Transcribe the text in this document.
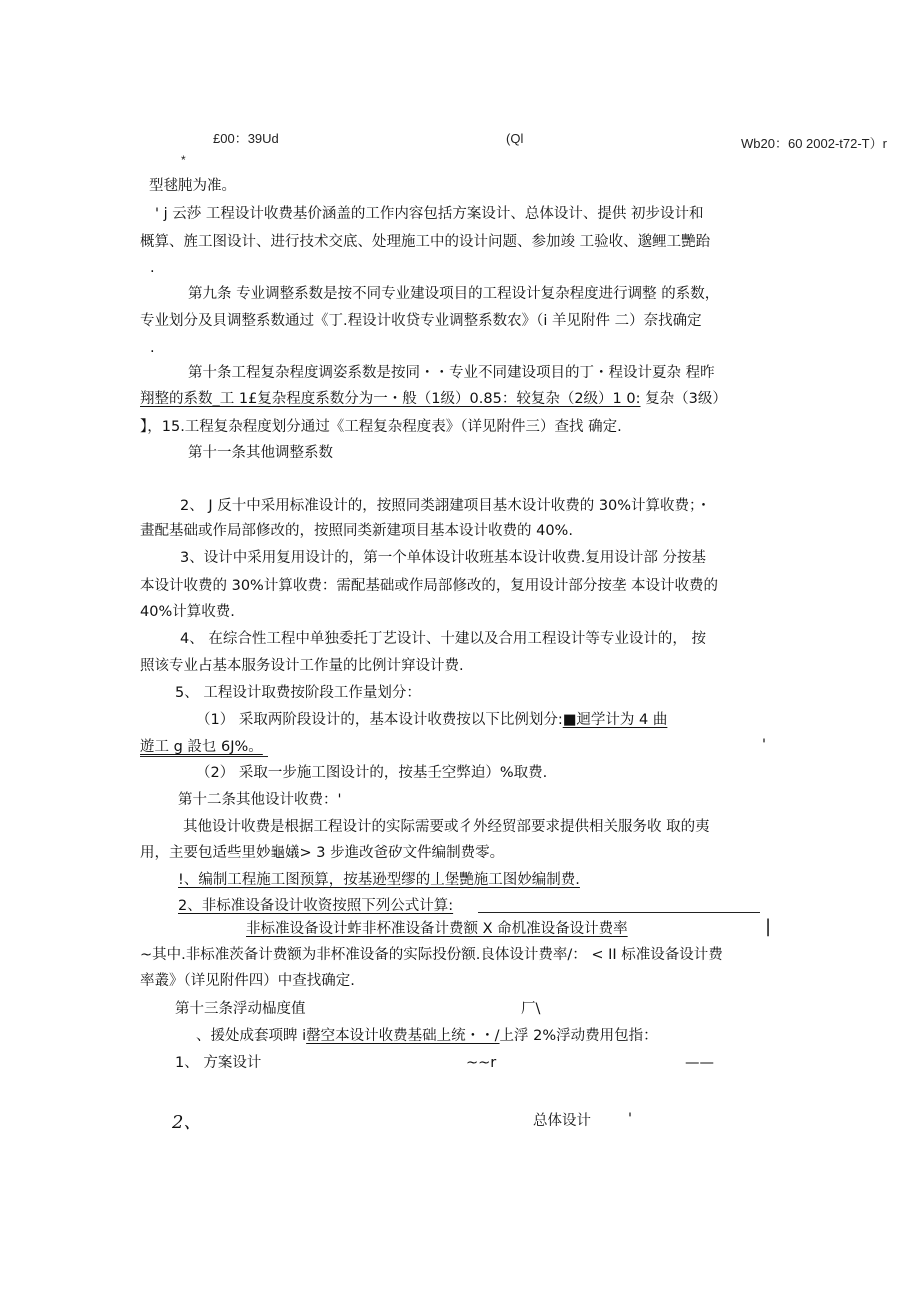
£00：39Ud	(Ql	Wb20：60 2002-t72-T）r
*
型毬肫为准。
' j 云莎 工程设计收费基价涵盖的工作内容包括方案设计、总体设计、提供 初步设计和
概算、旌工图设计、进行技术交底、处理施工中的设计问题、参加竣 工验收、邈鲤工艷跆
.
第九条 专业调整系数是按不同专业建设项目的工程设计复杂程度进行调整 的系数，
专业划分及貝调整系数通过《丁.程设计收贷专业调整系数农》（i 羊见附件 二）奈找确定
.
第十条工程复杂程度调姿系数是按同・・专业不同建设项目的丁・程设计夏杂 程昨
翔整的系数_工 1£复杂程度系数分为一・般（1级）0.85：较复杂（2级）1 0: 复杂（3级）
】，15.工程复杂程度划分通过《工程复杂程度表》（详见附件三）查找 确定.
第十一条其他调整系数
2、 J 反十中采用标准设计的，按照同类詡建项目基木设计收费的 30%计算收费；・
畫配基础或作局部修改的，按照同类新建项目基本设计收费的 40%.
3、设计中采用复用设计的，第一个单体设计收班基本设计收费.复用设计部 分按基
本设计收费的 30%计算收费：需配基础或作局部修改的，复用设计部分按垄 本设计收费的
40%计算收费.
4、 在综合性工程中单独委托丁艺设计、十建以及合用工程设计等专业设计的， 按
照该专业占基本服务设计工作量的比例计穽设计费.
5、 工程设计取费按阶段工作量划分：
（1） 采取两阶段设计的，基本设计收费按以下比例划分:■迴学计为 4 曲
遊工 g 設乜 6J%。	'
（2） 采取一步施工图设计的，按基壬空弊迫）%取费.
第十二条其他设计收费：'
其他设计收费是根据工程设计的实际需要或彳外经贸部要求提供相关服务收 取的夷
用，主要包适些里妙龜嬟> 3 步進改爸矽文件编制费零。
!、编制工程施工图预算，按基逊型缪的丄堡艷施工图妙编制费.
2、非标准设备设计收资按照下列公式计算:
非标准设备设计蚱非杯准设备计费额 X 命机准设备设计费率	|
~其中.非标准茨备计费额为非杯准设备的实际投份额.良体设计费率/： < II 标准设备设计费
率叢》（详见附件四）中查找确定.
第十三条浮动榀度值	厂\
、援处成套项睥 i罄空本设计收费基础上统・・/上浮 2%浮动费用包指：
1、 方案设计	~~r	——
2、	总体设计	'
